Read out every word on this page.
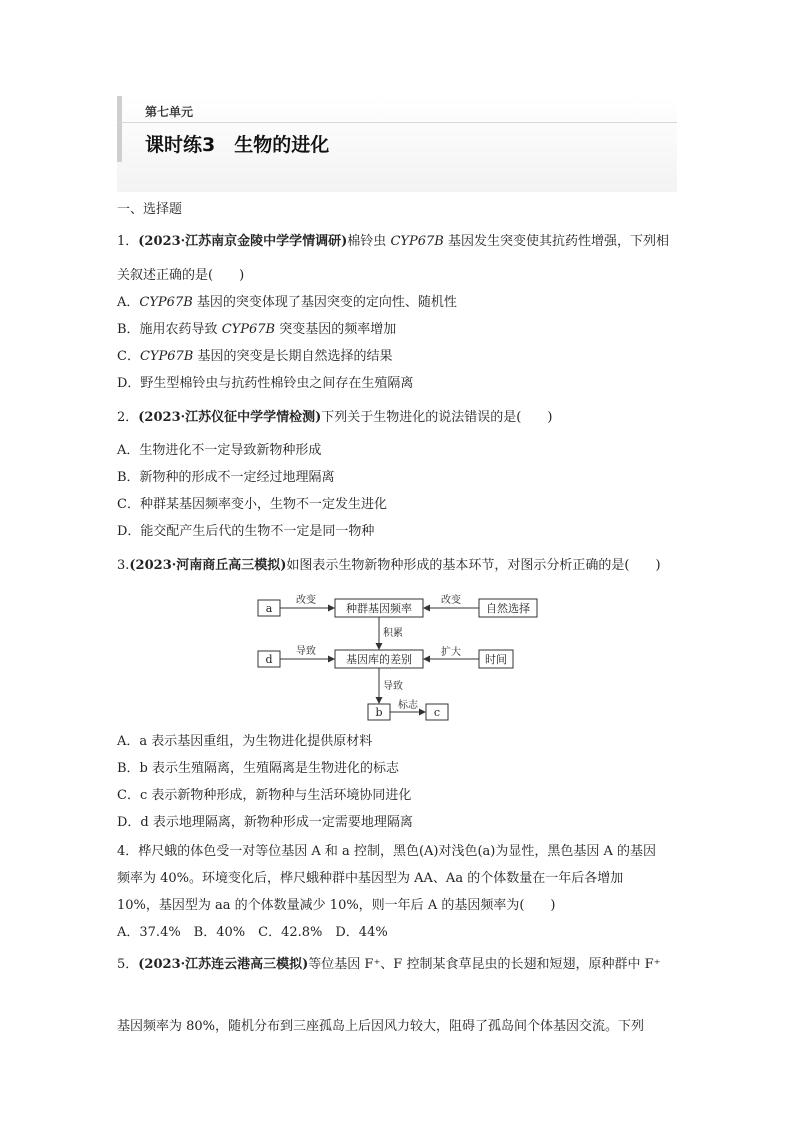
第七单元
课时练3　生物的进化
一、选择题
1．(2023·江苏南京金陵中学学情调研)棉铃虫 CYP67B 基因发生突变使其抗药性增强，下列相
关叙述正确的是(　　)
A．CYP67B 基因的突变体现了基因突变的定向性、随机性
B．施用农药导致 CYP67B 突变基因的频率增加
C．CYP67B 基因的突变是长期自然选择的结果
D．野生型棉铃虫与抗药性棉铃虫之间存在生殖隔离
2．(2023·江苏仪征中学学情检测)下列关于生物进化的说法错误的是(　　)
A．生物进化不一定导致新物种形成
B．新物种的形成不一定经过地理隔离
C．种群某基因频率变小，生物不一定发生进化
D．能交配产生后代的生物不一定是同一物种
3.(2023·河南商丘高三模拟)如图表示生物新物种形成的基本环节，对图示分析正确的是(　　)
a	种群基因频率	自然选择
d	基因库的差别	时间
b	c
改变	改变
积累
导致	扩大
导致
标志
A．a 表示基因重组，为生物进化提供原材料
B．b 表示生殖隔离，生殖隔离是生物进化的标志
C．c 表示新物种形成，新物种与生活环境协同进化
D．d 表示地理隔离，新物种形成一定需要地理隔离
4．桦尺蛾的体色受一对等位基因 A 和 a 控制，黑色(A)对浅色(a)为显性，黑色基因 A 的基因
频率为 40%。环境变化后，桦尺蛾种群中基因型为 AA、Aa 的个体数量在一年后各增加
10%，基因型为 aa 的个体数量减少 10%，则一年后 A 的基因频率为(　　)
A．37.4%　B．40%　C．42.8%　D．44%
5．(2023·江苏连云港高三模拟)等位基因 F⁺、F 控制某食草昆虫的长翅和短翅，原种群中 F⁺
基因频率为 80%，随机分布到三座孤岛上后因风力较大，阻碍了孤岛间个体基因交流。下列
